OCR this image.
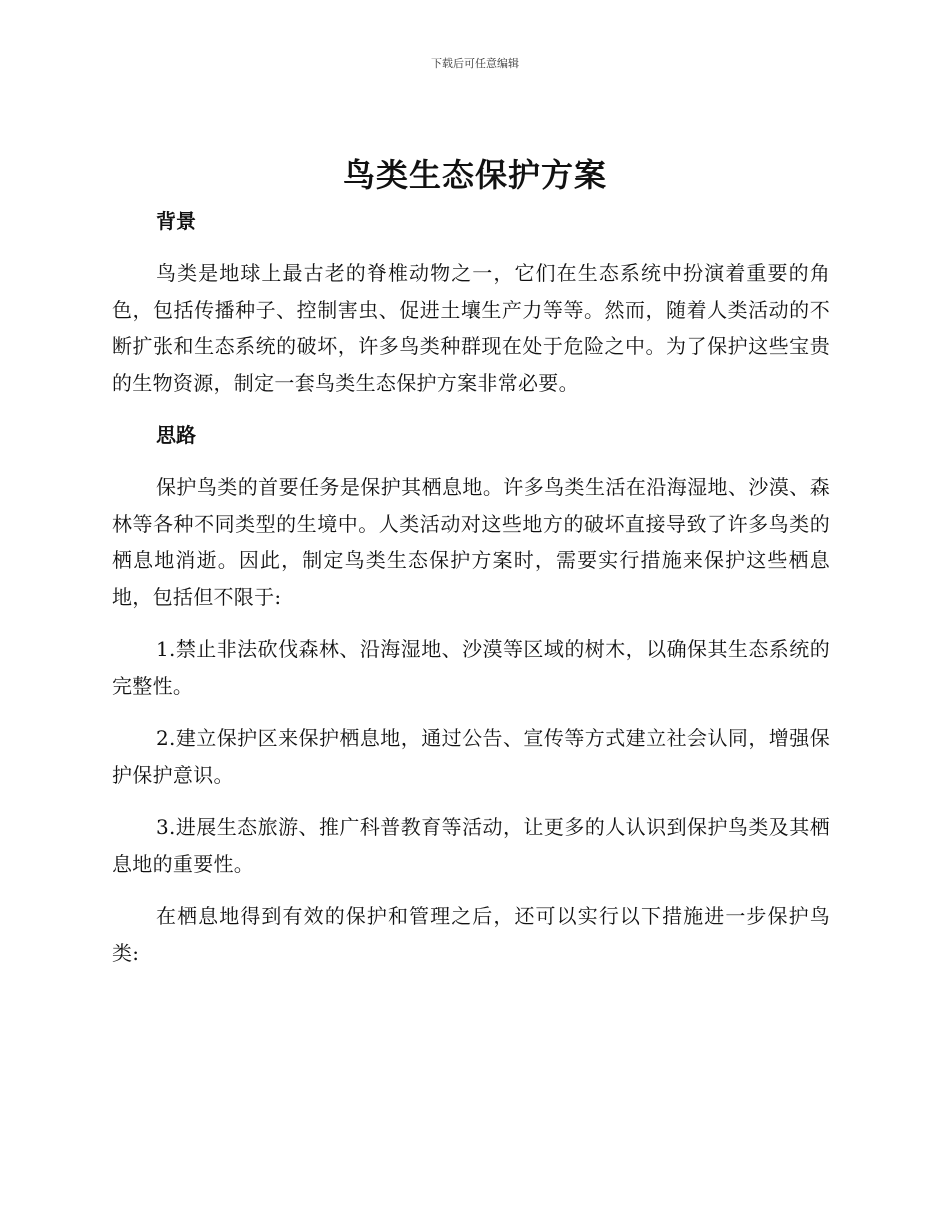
下载后可任意编辑
鸟类生态保护方案
背景

鸟类是地球上最古老的脊椎动物之一，它们在生态系统中扮演着重要的角色，包括传播种子、控制害虫、促进土壤生产力等等。然而，随着人类活动的不断扩张和生态系统的破坏，许多鸟类种群现在处于危险之中。为了保护这些宝贵的生物资源，制定一套鸟类生态保护方案非常必要。

思路

保护鸟类的首要任务是保护其栖息地。许多鸟类生活在沿海湿地、沙漠、森林等各种不同类型的生境中。人类活动对这些地方的破坏直接导致了许多鸟类的栖息地消逝。因此，制定鸟类生态保护方案时，需要实行措施来保护这些栖息地，包括但不限于:

1.禁止非法砍伐森林、沿海湿地、沙漠等区域的树木，以确保其生态系统的完整性。

2.建立保护区来保护栖息地，通过公告、宣传等方式建立社会认同，增强保护保护意识。

3.进展生态旅游、推广科普教育等活动，让更多的人认识到保护鸟类及其栖息地的重要性。

在栖息地得到有效的保护和管理之后，还可以实行以下措施进一步保护鸟类:
